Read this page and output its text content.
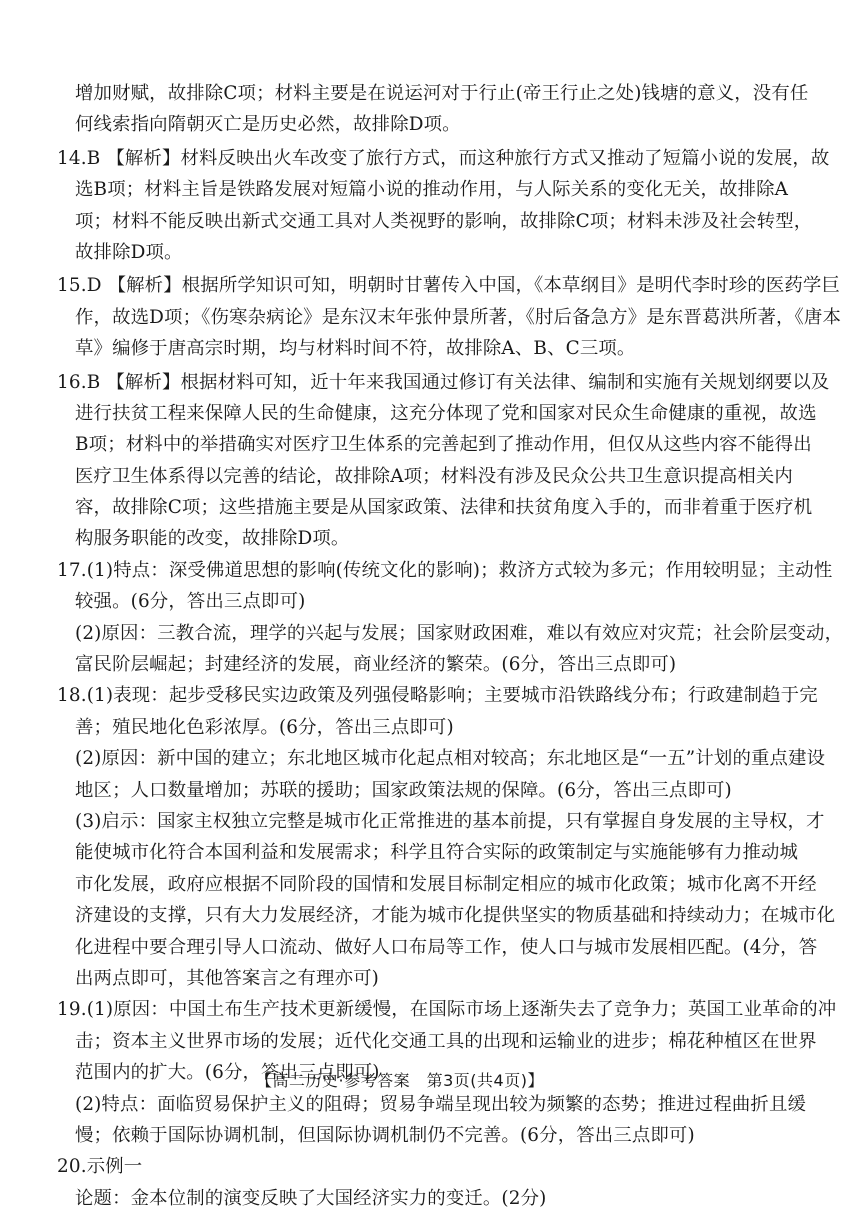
增加财赋，故排除C项；材料主要是在说运河对于行止(帝王行止之处)钱塘的意义，没有任
何线索指向隋朝灭亡是历史必然，故排除D项。
14.B 【解析】材料反映出火车改变了旅行方式，而这种旅行方式又推动了短篇小说的发展，故
选B项；材料主旨是铁路发展对短篇小说的推动作用，与人际关系的变化无关，故排除A
项；材料不能反映出新式交通工具对人类视野的影响，故排除C项；材料未涉及社会转型，
故排除D项。
15.D 【解析】根据所学知识可知，明朝时甘薯传入中国，《本草纲目》是明代李时珍的医药学巨
作，故选D项；《伤寒杂病论》是东汉末年张仲景所著，《肘后备急方》是东晋葛洪所著，《唐本
草》编修于唐高宗时期，均与材料时间不符，故排除A、B、C三项。
16.B 【解析】根据材料可知，近十年来我国通过修订有关法律、编制和实施有关规划纲要以及
进行扶贫工程来保障人民的生命健康，这充分体现了党和国家对民众生命健康的重视，故选
B项；材料中的举措确实对医疗卫生体系的完善起到了推动作用，但仅从这些内容不能得出
医疗卫生体系得以完善的结论，故排除A项；材料没有涉及民众公共卫生意识提高相关内
容，故排除C项；这些措施主要是从国家政策、法律和扶贫角度入手的，而非着重于医疗机
构服务职能的改变，故排除D项。
17.(1)特点：深受佛道思想的影响(传统文化的影响)；救济方式较为多元；作用较明显；主动性
较强。(6分，答出三点即可)
(2)原因：三教合流，理学的兴起与发展；国家财政困难，难以有效应对灾荒；社会阶层变动，
富民阶层崛起；封建经济的发展，商业经济的繁荣。(6分，答出三点即可)
18.(1)表现：起步受移民实边政策及列强侵略影响；主要城市沿铁路线分布；行政建制趋于完
善；殖民地化色彩浓厚。(6分，答出三点即可)
(2)原因：新中国的建立；东北地区城市化起点相对较高；东北地区是“一五”计划的重点建设
地区；人口数量增加；苏联的援助；国家政策法规的保障。(6分，答出三点即可)
(3)启示：国家主权独立完整是城市化正常推进的基本前提，只有掌握自身发展的主导权，才
能使城市化符合本国利益和发展需求；科学且符合实际的政策制定与实施能够有力推动城
市化发展，政府应根据不同阶段的国情和发展目标制定相应的城市化政策；城市化离不开经
济建设的支撑，只有大力发展经济，才能为城市化提供坚实的物质基础和持续动力；在城市化
化进程中要合理引导人口流动、做好人口布局等工作，使人口与城市发展相匹配。(4分，答
出两点即可，其他答案言之有理亦可)
19.(1)原因：中国土布生产技术更新缓慢，在国际市场上逐渐失去了竞争力；英国工业革命的冲
击；资本主义世界市场的发展；近代化交通工具的出现和运输业的进步；棉花种植区在世界
范围内的扩大。(6分，答出三点即可)
(2)特点：面临贸易保护主义的阻碍；贸易争端呈现出较为频繁的态势；推进过程曲折且缓
慢；依赖于国际协调机制，但国际协调机制仍不完善。(6分，答出三点即可)
20.示例一
论题：金本位制的演变反映了大国经济实力的变迁。(2分)
【高二历史·参考答案　第3页(共4页)】
